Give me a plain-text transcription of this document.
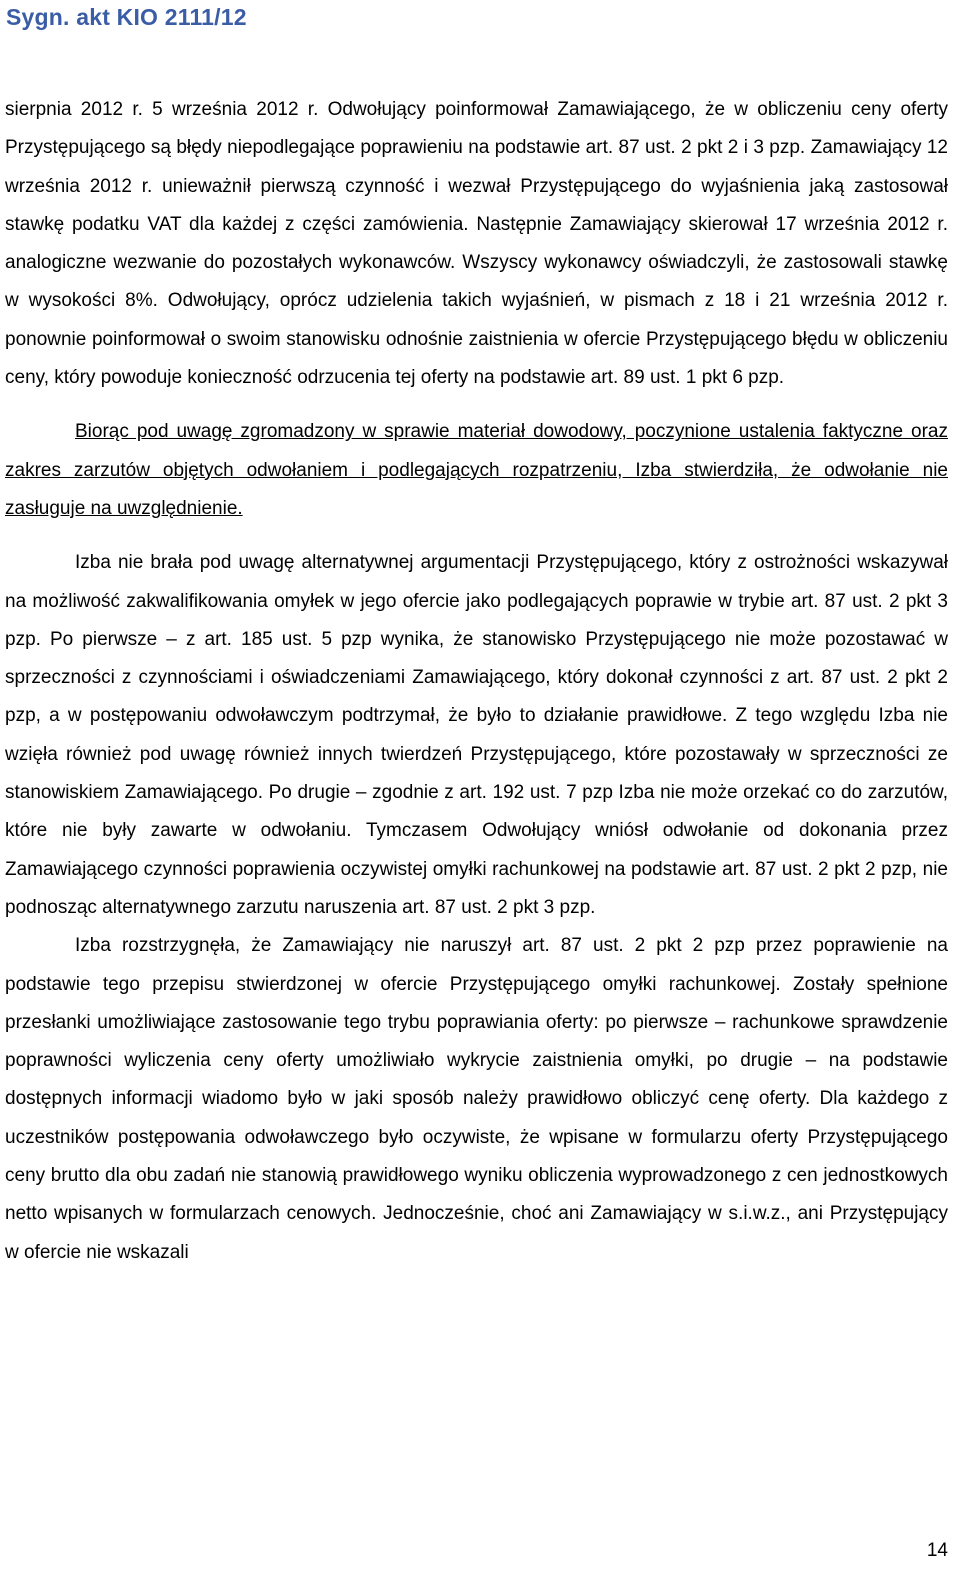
Sygn. akt KIO 2111/12

sierpnia 2012 r. 5 września 2012 r. Odwołujący poinformował Zamawiającego, że w obliczeniu ceny oferty Przystępującego są błędy niepodlegające poprawieniu na podstawie art. 87 ust. 2 pkt 2 i 3 pzp. Zamawiający 12 września 2012 r. unieważnił pierwszą czynność i wezwał Przystępującego do wyjaśnienia jaką zastosował stawkę podatku VAT dla każdej z części zamówienia. Następnie Zamawiający skierował 17 września 2012 r. analogiczne wezwanie do pozostałych wykonawców. Wszyscy wykonawcy oświadczyli, że zastosowali stawkę w wysokości 8%. Odwołujący, oprócz udzielenia takich wyjaśnień, w pismach z 18 i 21 września 2012 r. ponownie poinformował o swoim stanowisku odnośnie zaistnienia w ofercie Przystępującego błędu w obliczeniu ceny, który powoduje konieczność odrzucenia tej oferty na podstawie art. 89 ust. 1 pkt 6 pzp.

Biorąc pod uwagę zgromadzony w sprawie materiał dowodowy, poczynione ustalenia faktyczne oraz zakres zarzutów objętych odwołaniem i podlegających rozpatrzeniu, Izba stwierdziła, że odwołanie nie zasługuje na uwzględnienie.

Izba nie brała pod uwagę alternatywnej argumentacji Przystępującego, który z ostrożności wskazywał na możliwość zakwalifikowania omyłek w jego ofercie jako podlegających poprawie w trybie art. 87 ust. 2 pkt 3 pzp. Po pierwsze – z art. 185 ust. 5 pzp wynika, że stanowisko Przystępującego nie może pozostawać w sprzeczności z czynnościami i oświadczeniami Zamawiającego, który dokonał czynności z art. 87 ust. 2 pkt 2 pzp, a w postępowaniu odwoławczym podtrzymał, że było to działanie prawidłowe. Z tego względu Izba nie wzięła również pod uwagę również innych twierdzeń Przystępującego, które pozostawały w sprzeczności ze stanowiskiem Zamawiającego. Po drugie – zgodnie z art. 192 ust. 7 pzp Izba nie może orzekać co do zarzutów, które nie były zawarte w odwołaniu. Tymczasem Odwołujący wniósł odwołanie od dokonania przez Zamawiającego czynności poprawienia oczywistej omyłki rachunkowej na podstawie art. 87 ust. 2 pkt 2 pzp, nie podnosząc alternatywnego zarzutu naruszenia art. 87 ust. 2 pkt 3 pzp.

Izba rozstrzygnęła, że Zamawiający nie naruszył art. 87 ust. 2 pkt 2 pzp przez poprawienie na podstawie tego przepisu stwierdzonej w ofercie Przystępującego omyłki rachunkowej. Zostały spełnione przesłanki umożliwiające zastosowanie tego trybu poprawiania oferty: po pierwsze – rachunkowe sprawdzenie poprawności wyliczenia ceny oferty umożliwiało wykrycie zaistnienia omyłki, po drugie – na podstawie dostępnych informacji wiadomo było w jaki sposób należy prawidłowo obliczyć cenę oferty. Dla każdego z uczestników postępowania odwoławczego było oczywiste, że wpisane w formularzu oferty Przystępującego ceny brutto dla obu zadań nie stanowią prawidłowego wyniku obliczenia wyprowadzonego z cen jednostkowych netto wpisanych w formularzach cenowych. Jednocześnie, choć ani Zamawiający w s.i.w.z., ani Przystępujący w ofercie nie wskazali

14
